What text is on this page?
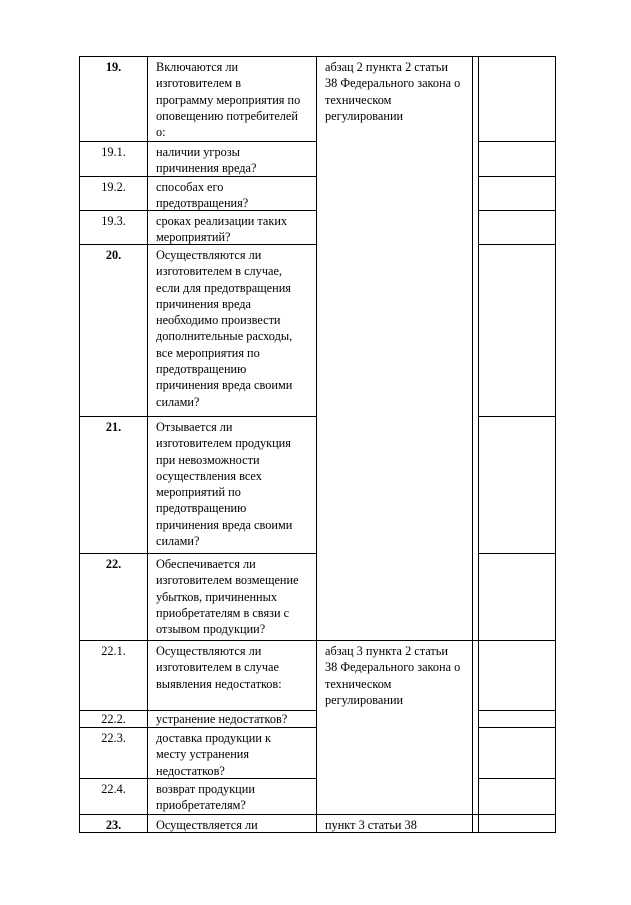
19.
19.1.
19.2.
19.3.
20.
21.
22.
22.1.
22.2.
22.3.
22.4.
23.
Включаются ли
изготовителем в
программу мероприятия по
оповещению потребителей
о:
наличии угрозы
причинения вреда?
способах его
предотвращения?
сроках реализации таких
мероприятий?
Осуществляются ли
изготовителем в случае,
если для предотвращения
причинения вреда
необходимо произвести
дополнительные расходы,
все мероприятия по
предотвращению
причинения вреда своими
силами?
Отзывается ли
изготовителем продукция
при невозможности
осуществления всех
мероприятий по
предотвращению
причинения вреда своими
силами?
Обеспечивается ли
изготовителем возмещение
убытков, причиненных
приобретателям в связи с
отзывом продукции?
Осуществляются ли
изготовителем в случае
выявления недостатков:
устранение недостатков?
доставка продукции к
месту устранения
недостатков?
возврат продукции
приобретателям?
Осуществляется ли
абзац 2 пункта 2 статьи
38 Федерального закона о
техническом
регулировании
абзац 3 пункта 2 статьи
38 Федерального закона о
техническом
регулировании
пункт 3 статьи 38
